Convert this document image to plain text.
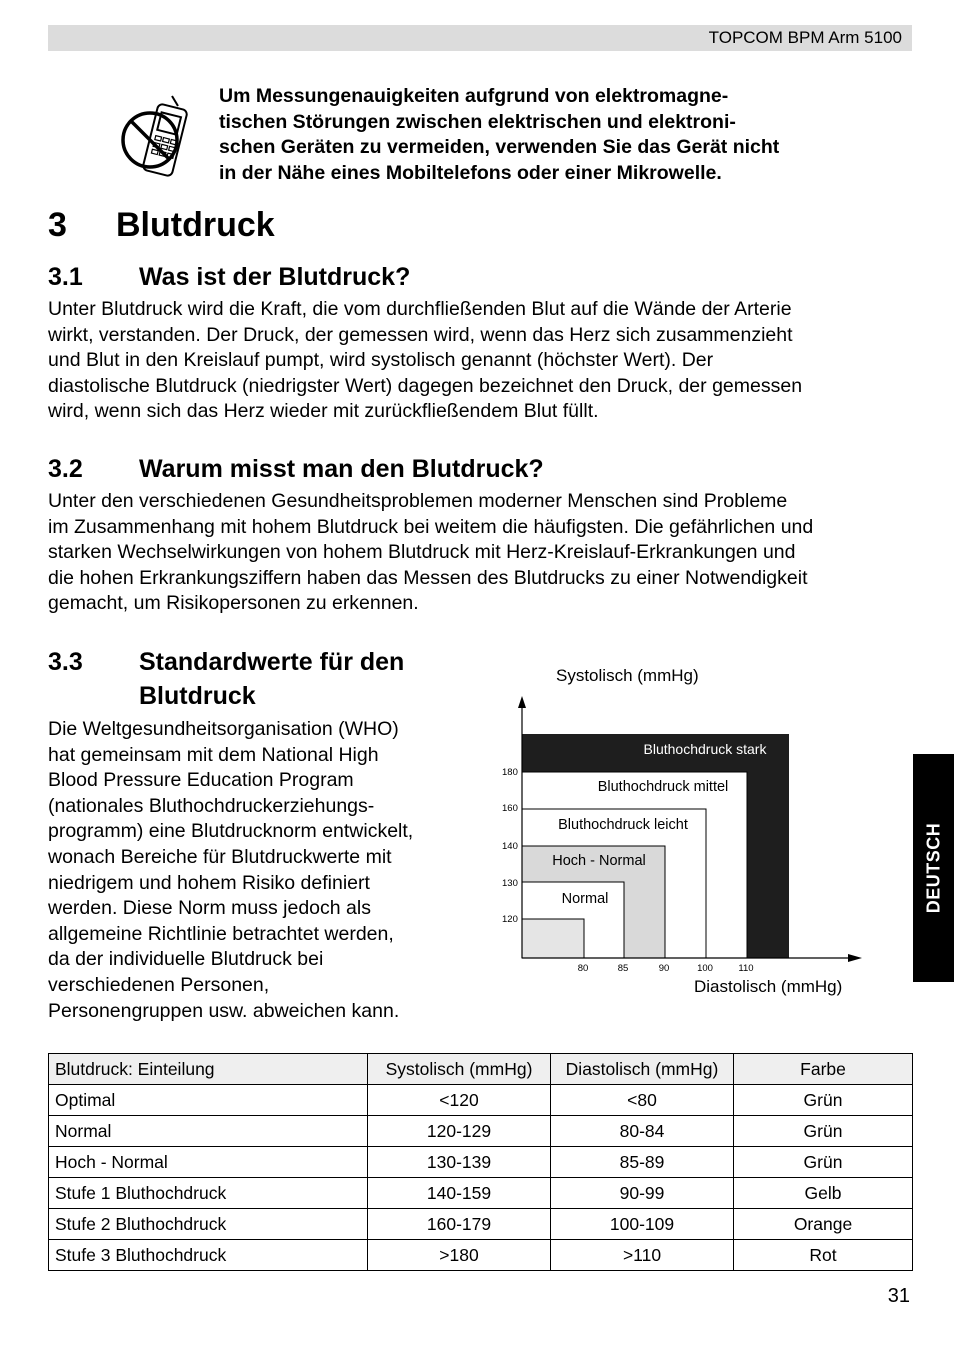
TOPCOM BPM Arm 5100
Um Messungenauigkeiten aufgrund von elektromagne-
tischen Störungen zwischen elektrischen und elektroni-
schen Geräten zu vermeiden, verwenden Sie das Gerät nicht
in der Nähe eines Mobiltelefons oder einer Mikrowelle.
3 Blutdruck
3.1 Was ist der Blutdruck?
Unter Blutdruck wird die Kraft, die vom durchfließenden Blut auf die Wände der Arterie
wirkt, verstanden. Der Druck, der gemessen wird, wenn das Herz sich zusammenzieht
und Blut in den Kreislauf pumpt, wird systolisch genannt (höchster Wert). Der
diastolische Blutdruck (niedrigster Wert) dagegen bezeichnet den Druck, der gemessen
wird, wenn sich das Herz wieder mit zurückfließendem Blut füllt.
3.2 Warum misst man den Blutdruck?
Unter den verschiedenen Gesundheitsproblemen moderner Menschen sind Probleme
im Zusammenhang mit hohem Blutdruck bei weitem die häufigsten. Die gefährlichen und
starken Wechselwirkungen von hohem Blutdruck mit Herz-Kreislauf-Erkrankungen und
die hohen Erkrankungsziffern haben das Messen des Blutdrucks zu einer Notwendigkeit
gemacht, um Risikopersonen zu erkennen.
3.3 Standardwerte für den
Blutdruck
Die Weltgesundheitsorganisation (WHO)
hat gemeinsam mit dem National High
Blood Pressure Education Program
(nationales Bluthochdruckerziehungs-
programm) eine Blutdrucknorm entwickelt,
wonach Bereiche für Blutdruckwerte mit
niedrigem und hohem Risiko definiert
werden. Diese Norm muss jedoch als
allgemeine Richtlinie betrachtet werden,
da der individuelle Blutdruck bei
verschiedenen Personen,
Personengruppen usw. abweichen kann.
Bluthochdruck stark
Bluthochdruck mittel
Bluthochdruck leicht
Hoch - Normal
Normal
120
130
140
160
180
80	85	90	100	110
Systolisch (mmHg)
Diastolisch (mmHg)
DEUTSCH
Blutdruck: Einteilung	Systolisch (mmHg)	Diastolisch (mmHg)	Farbe
Optimal	<120	<80	Grün
Normal	120-129	80-84	Grün
Hoch - Normal	130-139	85-89	Grün
Stufe 1 Bluthochdruck	140-159	90-99	Gelb
Stufe 2 Bluthochdruck	160-179	100-109	Orange
Stufe 3 Bluthochdruck	>180	>110	Rot
31
